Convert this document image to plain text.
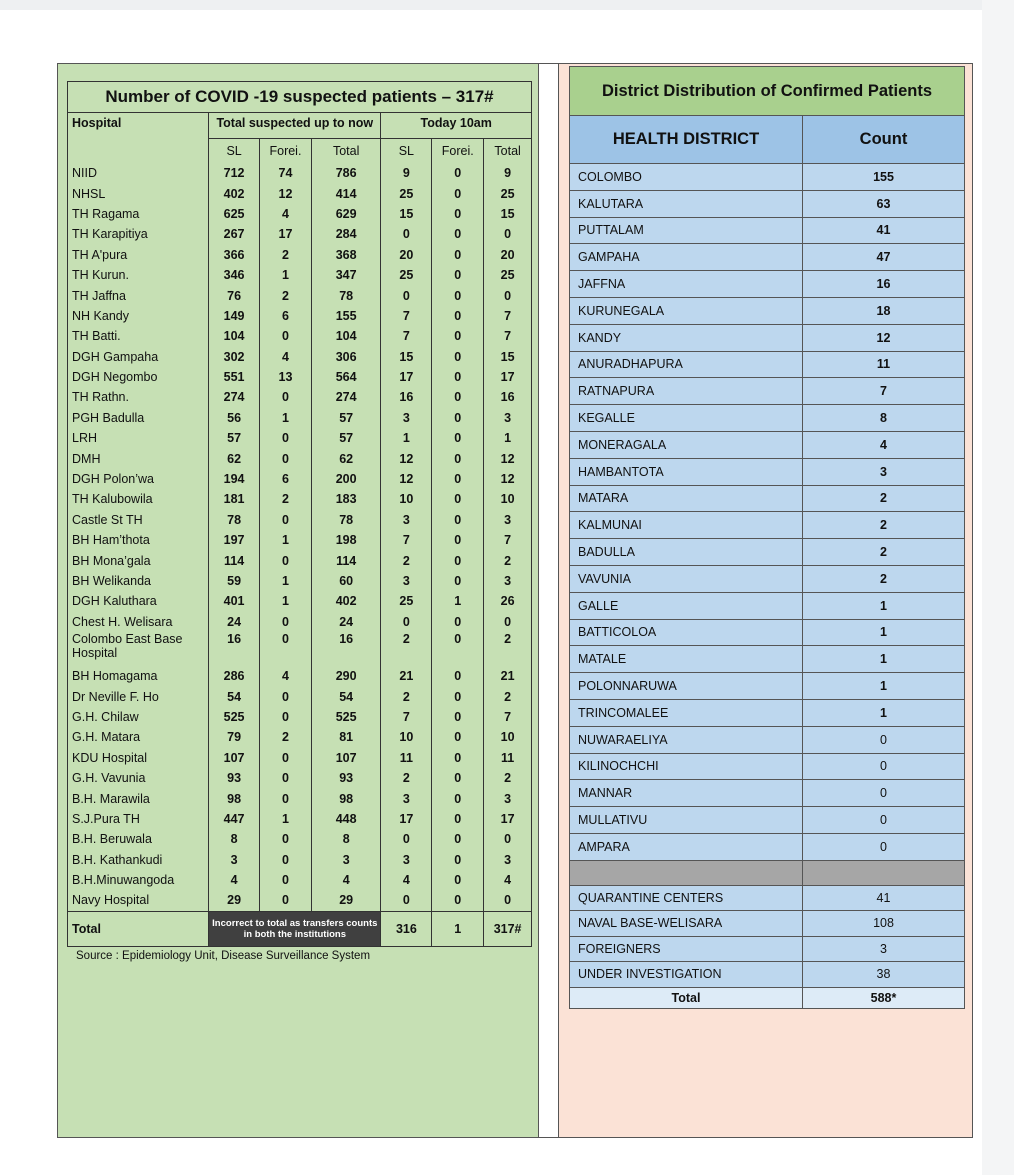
Number of COVID -19 suspected patients – 317#						
Hospital	Total suspected up to now			Today 10am		
	SL	Forei.	Total	SL	Forei.	Total
NIID	712	74	786	9	0	9
NHSL	402	12	414	25	0	25
TH Ragama	625	4	629	15	0	15
TH Karapitiya	267	17	284	0	0	0
TH A'pura	366	2	368	20	0	20
TH Kurun.	346	1	347	25	0	25
TH Jaffna	76	2	78	0	0	0
NH Kandy	149	6	155	7	0	7
TH Batti.	104	0	104	7	0	7
DGH Gampaha	302	4	306	15	0	15
DGH Negombo	551	13	564	17	0	17
TH Rathn.	274	0	274	16	0	16
PGH Badulla	56	1	57	3	0	3
LRH	57	0	57	1	0	1
DMH	62	0	62	12	0	12
DGH Polon’wa	194	6	200	12	0	12
TH Kalubowila	181	2	183	10	0	10
Castle St TH	78	0	78	3	0	3
BH Ham’thota	197	1	198	7	0	7
BH Mona’gala	114	0	114	2	0	2
BH Welikanda	59	1	60	3	0	3
DGH Kaluthara	401	1	402	25	1	26
Chest H. Welisara	24	0	24	0	0	0
Colombo East Base Hospital	16	0	16	2	0	2
BH Homagama	286	4	290	21	0	21
Dr Neville F. Ho	54	0	54	2	0	2
G.H. Chilaw	525	0	525	7	0	7
G.H. Matara	79	2	81	10	0	10
KDU Hospital	107	0	107	11	0	11
G.H. Vavunia	93	0	93	2	0	2
B.H. Marawila	98	0	98	3	0	3
S.J.Pura TH	447	1	448	17	0	17
B.H. Beruwala	8	0	8	0	0	0
B.H. Kathankudi	3	0	3	3	0	3
B.H.Minuwangoda	4	0	4	4	0	4
Navy Hospital	29	0	29	0	0	0
Total	Incorrect to total as transfers counts in both the institutions			316	1	317#
Source : Epidemiology Unit, Disease Surveillance System
District Distribution of Confirmed Patients	
HEALTH DISTRICT	Count
COLOMBO	155
KALUTARA	63
PUTTALAM	41
GAMPAHA	47
JAFFNA	16
KURUNEGALA	18
KANDY	12
ANURADHAPURA	11
RATNAPURA	7
KEGALLE	8
MONERAGALA	4
HAMBANTOTA	3
MATARA	2
KALMUNAI	2
BADULLA	2
VAVUNIA	2
GALLE	1
BATTICOLOA	1
MATALE	1
POLONNARUWA	1
TRINCOMALEE	1
NUWARAELIYA	0
KILINOCHCHI	0
MANNAR	0
MULLATIVU	0
AMPARA	0

QUARANTINE CENTERS	41
NAVAL BASE-WELISARA	108
FOREIGNERS	3
UNDER INVESTIGATION	38
Total	588*
